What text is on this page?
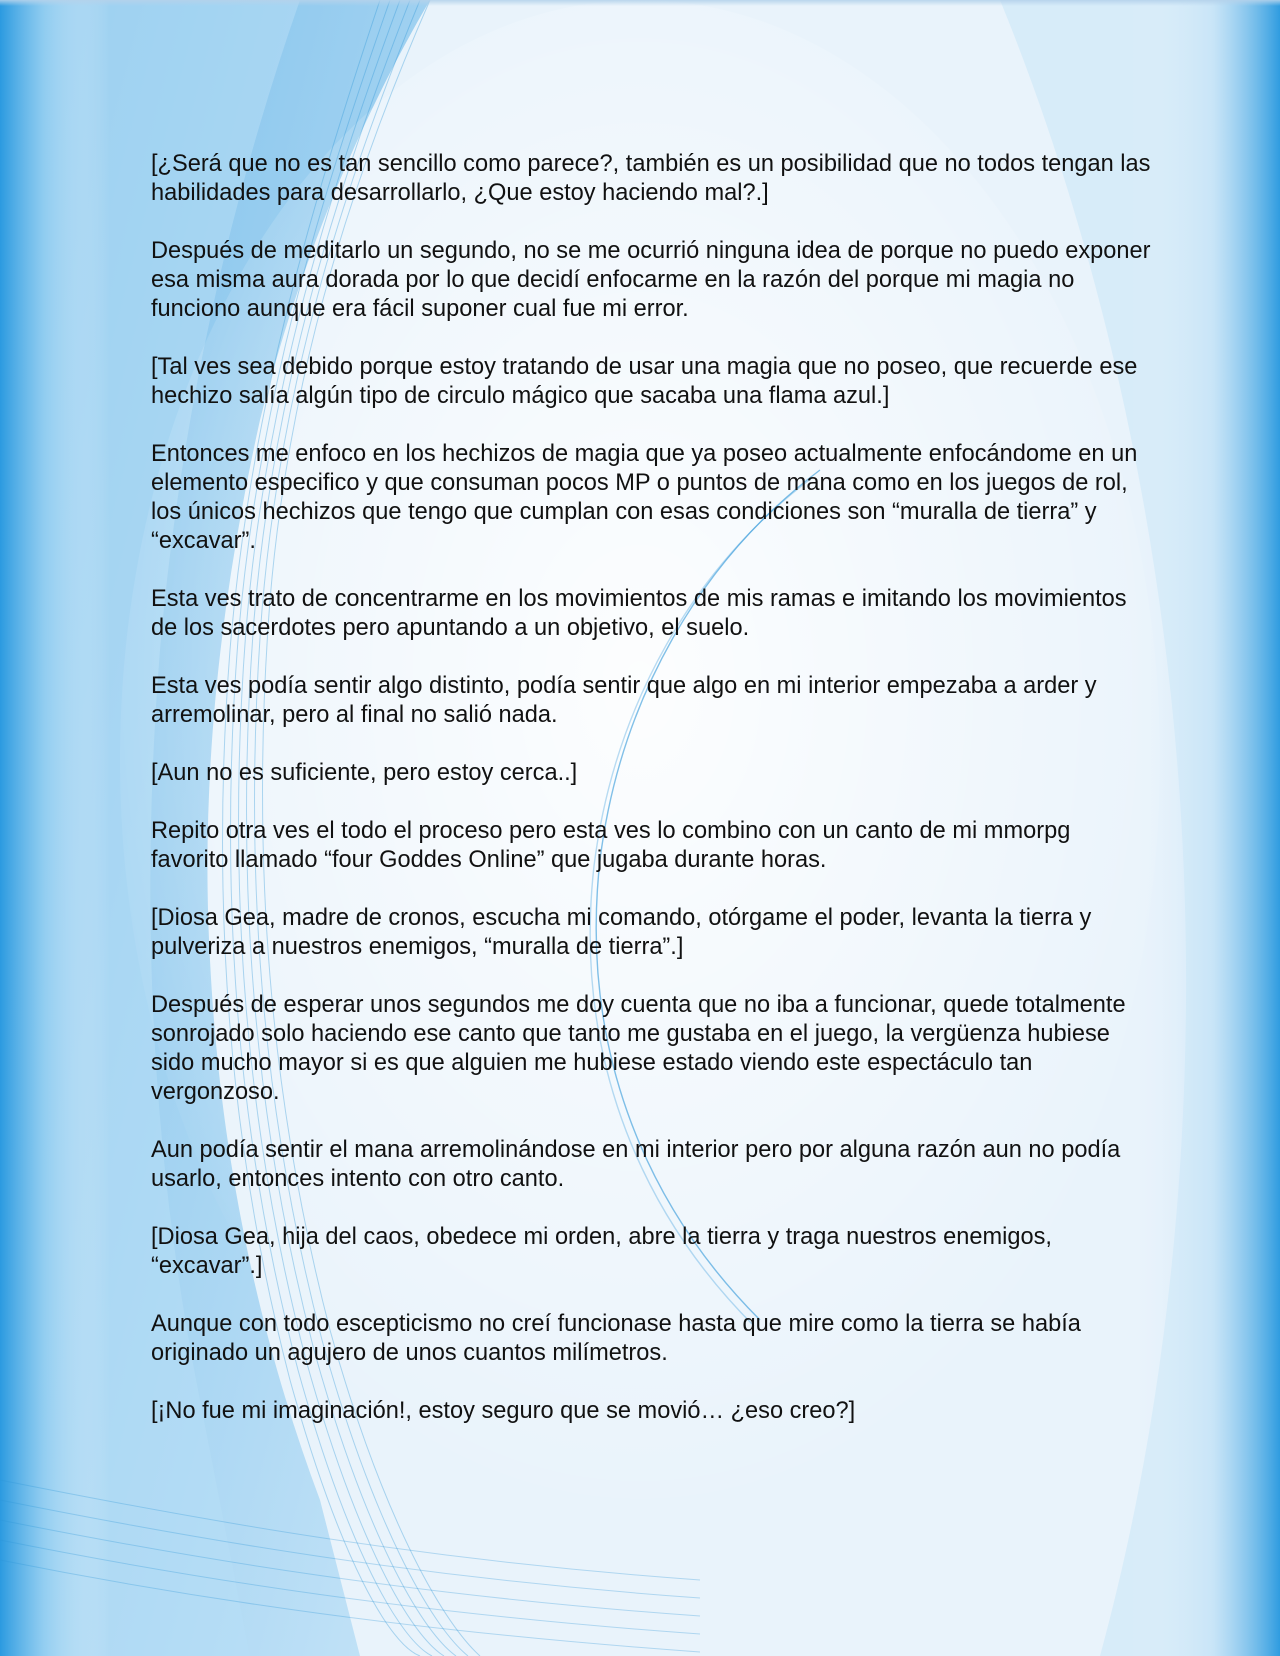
[¿Será que no es tan sencillo como parece?, también es un posibilidad que no todos tengan las habilidades para desarrollarlo, ¿Que estoy haciendo mal?.]

Después de meditarlo un segundo, no se me ocurrió ninguna idea de porque no puedo exponer esa misma aura dorada por lo que decidí enfocarme en la razón del porque mi magia no funciono aunque era fácil suponer cual fue mi error.

[Tal ves sea debido porque estoy tratando de usar una magia que no poseo, que recuerde ese hechizo salía algún tipo de circulo mágico que sacaba una flama azul.]

Entonces me enfoco en los hechizos de magia que ya poseo actualmente enfocándome en un elemento especifico y que consuman pocos MP o puntos de mana como en los juegos de rol, los únicos hechizos que tengo que cumplan con esas condiciones son “muralla de tierra” y “excavar”.

Esta ves trato de concentrarme en los movimientos de mis ramas e imitando los movimientos de los sacerdotes pero apuntando a un objetivo, el suelo.

Esta ves podía sentir algo distinto, podía sentir que algo en mi interior empezaba a arder y arremolinar, pero al final no salió nada.

[Aun no es suficiente, pero estoy cerca..]

Repito otra ves el todo el proceso pero esta ves lo combino con un canto de mi mmorpg favorito llamado “four Goddes Online” que jugaba durante horas.

[Diosa Gea, madre de cronos, escucha mi comando, otórgame el poder, levanta la tierra y pulveriza a nuestros enemigos, “muralla de tierra”.]

Después de esperar unos segundos me doy cuenta que no iba a funcionar, quede totalmente sonrojado solo haciendo ese canto que tanto me gustaba en el juego, la vergüenza hubiese sido mucho mayor si es que alguien me hubiese estado viendo este espectáculo tan vergonzoso.

Aun podía sentir el mana arremolinándose en mi interior pero por alguna razón aun no podía usarlo, entonces intento con otro canto.

[Diosa Gea, hija del caos, obedece mi orden, abre la tierra y traga nuestros enemigos, “excavar”.]

Aunque con todo escepticismo no creí funcionase hasta que mire como la tierra se había originado un agujero de unos cuantos milímetros.

[¡No fue mi imaginación!, estoy seguro que se movió… ¿eso creo?]
